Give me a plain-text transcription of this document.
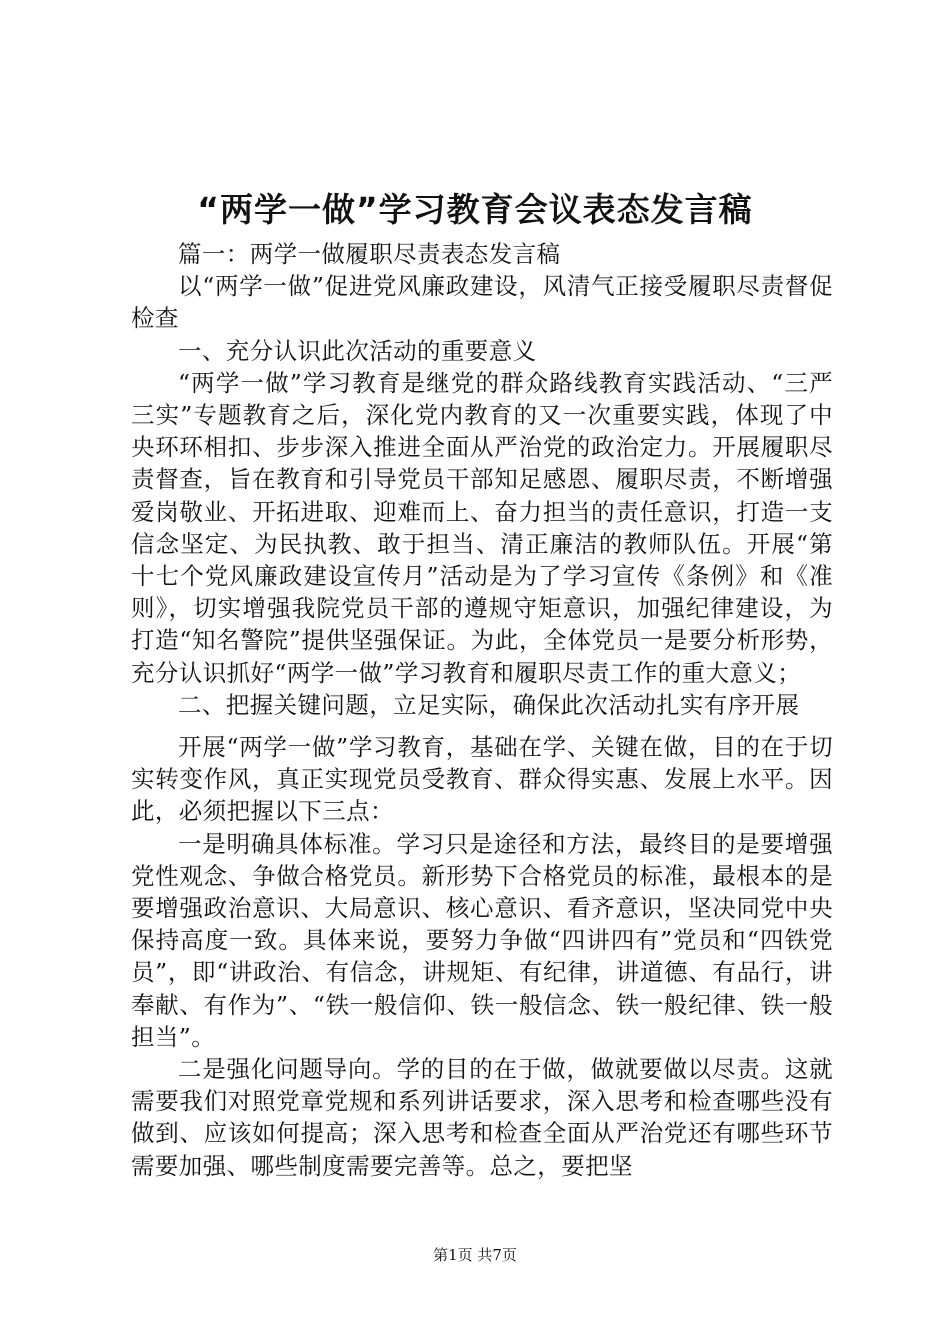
“两学一做”学习教育会议表态发言稿

篇一：两学一做履职尽责表态发言稿

以“两学一做”促进党风廉政建设，风清气正接受履职尽责督促检查

一、充分认识此次活动的重要意义

“两学一做”学习教育是继党的群众路线教育实践活动、“三严三实”专题教育之后，深化党内教育的又一次重要实践，体现了中央环环相扣、步步深入推进全面从严治党的政治定力。开展履职尽责督查，旨在教育和引导党员干部知足感恩、履职尽责，不断增强爱岗敬业、开拓进取、迎难而上、奋力担当的责任意识，打造一支信念坚定、为民执教、敢于担当、清正廉洁的教师队伍。开展“第十七个党风廉政建设宣传月”活动是为了学习宣传《条例》和《准则》，切实增强我院党员干部的遵规守矩意识，加强纪律建设，为打造“知名警院”提供坚强保证。为此，全体党员一是要分析形势，充分认识抓好“两学一做”学习教育和履职尽责工作的重大意义；

二、把握关键问题，立足实际，确保此次活动扎实有序开展

开展“两学一做”学习教育，基础在学、关键在做，目的在于切实转变作风，真正实现党员受教育、群众得实惠、发展上水平。因此，必须把握以下三点：

一是明确具体标准。学习只是途径和方法，最终目的是要增强党性观念、争做合格党员。新形势下合格党员的标准，最根本的是要增强政治意识、大局意识、核心意识、看齐意识，坚决同党中央保持高度一致。具体来说，要努力争做“四讲四有”党员和“四铁党员”，即“讲政治、有信念，讲规矩、有纪律，讲道德、有品行，讲奉献、有作为”、“铁一般信仰、铁一般信念、铁一般纪律、铁一般担当”。

二是强化问题导向。学的目的在于做，做就要做以尽责。这就需要我们对照党章党规和系列讲话要求，深入思考和检查哪些没有做到、应该如何提高；深入思考和检查全面从严治党还有哪些环节需要加强、哪些制度需要完善等。总之，要把坚

第1页 共7页
